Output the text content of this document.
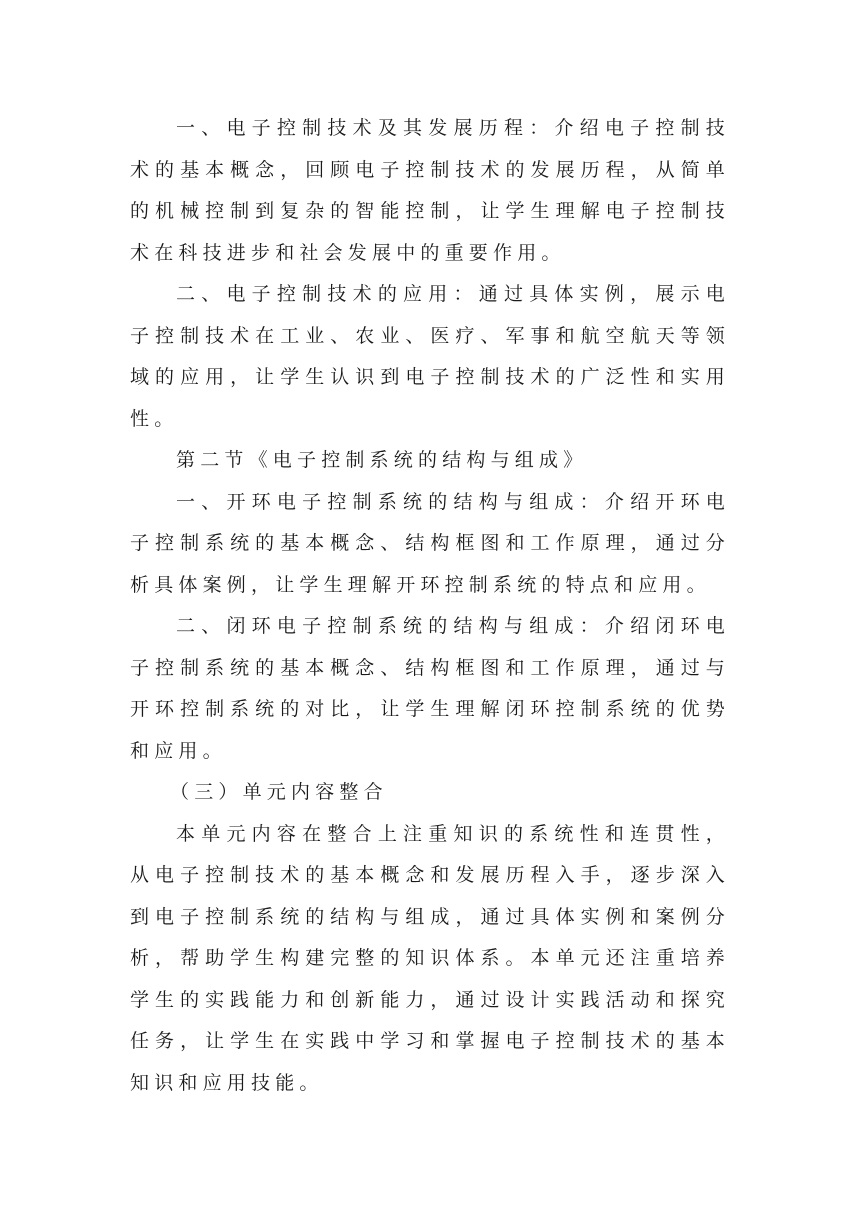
一、电子控制技术及其发展历程：介绍电子控制技术的基本概念，回顾电子控制技术的发展历程，从简单的机械控制到复杂的智能控制，让学生理解电子控制技术在科技进步和社会发展中的重要作用。

二、电子控制技术的应用：通过具体实例，展示电子控制技术在工业、农业、医疗、军事和航空航天等领域的应用，让学生认识到电子控制技术的广泛性和实用性。

第二节《电子控制系统的结构与组成》

一、开环电子控制系统的结构与组成：介绍开环电子控制系统的基本概念、结构框图和工作原理，通过分析具体案例，让学生理解开环控制系统的特点和应用。

二、闭环电子控制系统的结构与组成：介绍闭环电子控制系统的基本概念、结构框图和工作原理，通过与开环控制系统的对比，让学生理解闭环控制系统的优势和应用。

（三）单元内容整合

本单元内容在整合上注重知识的系统性和连贯性，从电子控制技术的基本概念和发展历程入手，逐步深入到电子控制系统的结构与组成，通过具体实例和案例分析，帮助学生构建完整的知识体系。本单元还注重培养学生的实践能力和创新能力，通过设计实践活动和探究任务，让学生在实践中学习和掌握电子控制技术的基本知识和应用技能。
